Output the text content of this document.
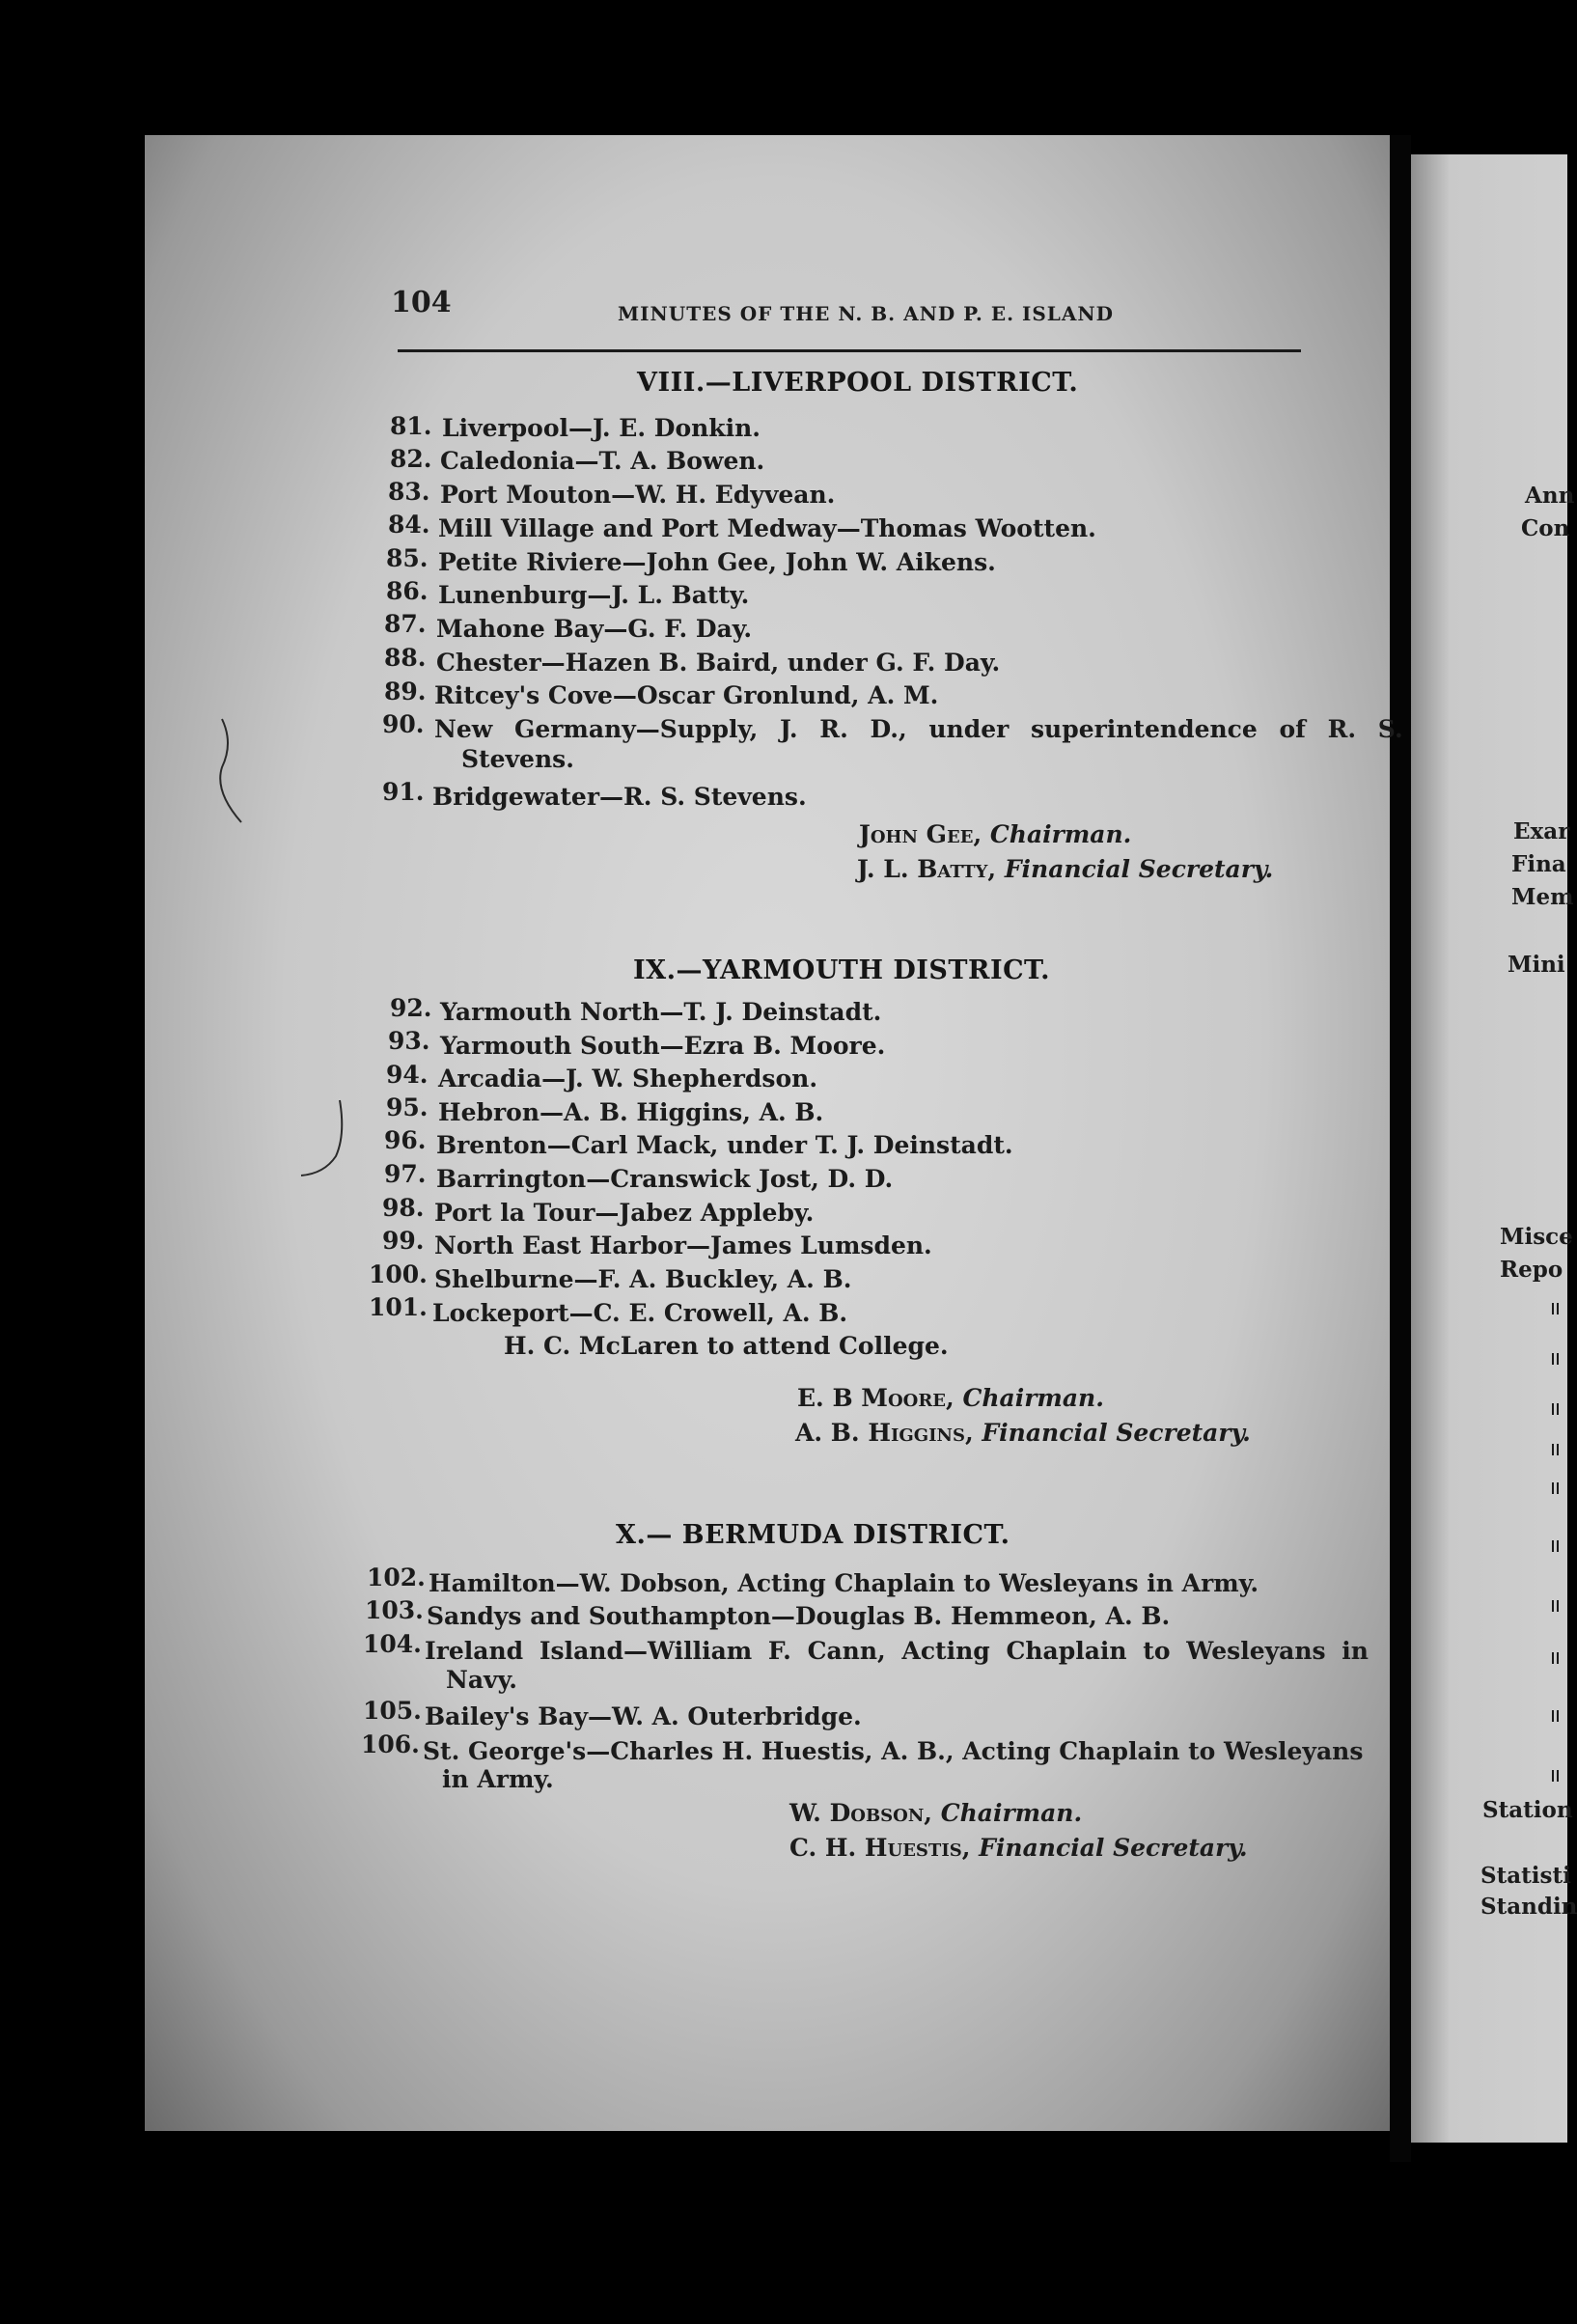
104	MINUTES OF THE N. B. AND P. E. ISLAND
VIII.—LIVERPOOL DISTRICT.
81. Liverpool—J. E. Donkin.
82. Caledonia—T. A. Bowen.
83. Port Mouton—W. H. Edyvean.
84. Mill Village and Port Medway—Thomas Wootten.
85. Petite Riviere—John Gee, John W. Aikens.
86. Lunenburg—J. L. Batty.
87. Mahone Bay—G. F. Day.
88. Chester—Hazen B. Baird, under G. F. Day.
89. Ritcey's Cove—Oscar Gronlund, A. M.
90. New Germany—Supply, J. R. D., under superintendence of R. S.
Stevens.
91. Bridgewater—R. S. Stevens.
John Gee, Chairman.
J. L. Batty, Financial Secretary.
IX.—YARMOUTH DISTRICT.
92. Yarmouth North—T. J. Deinstadt.
93. Yarmouth South—Ezra B. Moore.
94. Arcadia—J. W. Shepherdson.
95. Hebron—A. B. Higgins, A. B.
96. Brenton—Carl Mack, under T. J. Deinstadt.
97. Barrington—Cranswick Jost, D. D.
98. Port la Tour—Jabez Appleby.
99. North East Harbor—James Lumsden.
100. Shelburne—F. A. Buckley, A. B.
101. Lockeport—C. E. Crowell, A. B.
H. C. McLaren to attend College.
E. B Moore, Chairman.
A. B. Higgins, Financial Secretary.
X.— BERMUDA DISTRICT.
102. Hamilton—W. Dobson, Acting Chaplain to Wesleyans in Army.
103. Sandys and Southampton—Douglas B. Hemmeon, A. B.
104. Ireland Island—William F. Cann, Acting Chaplain to Wesleyans in
Navy.
105. Bailey's Bay—W. A. Outerbridge.
106. St. George's—Charles H. Huestis, A. B., Acting Chaplain to Wesleyans
in Army.
W. Dobson, Chairman.
C. H. Huestis, Financial Secretary.
Ann
Con
Exar
Fina
Mem
Mini
Misce
Repo
Station
Statisti
Standin
